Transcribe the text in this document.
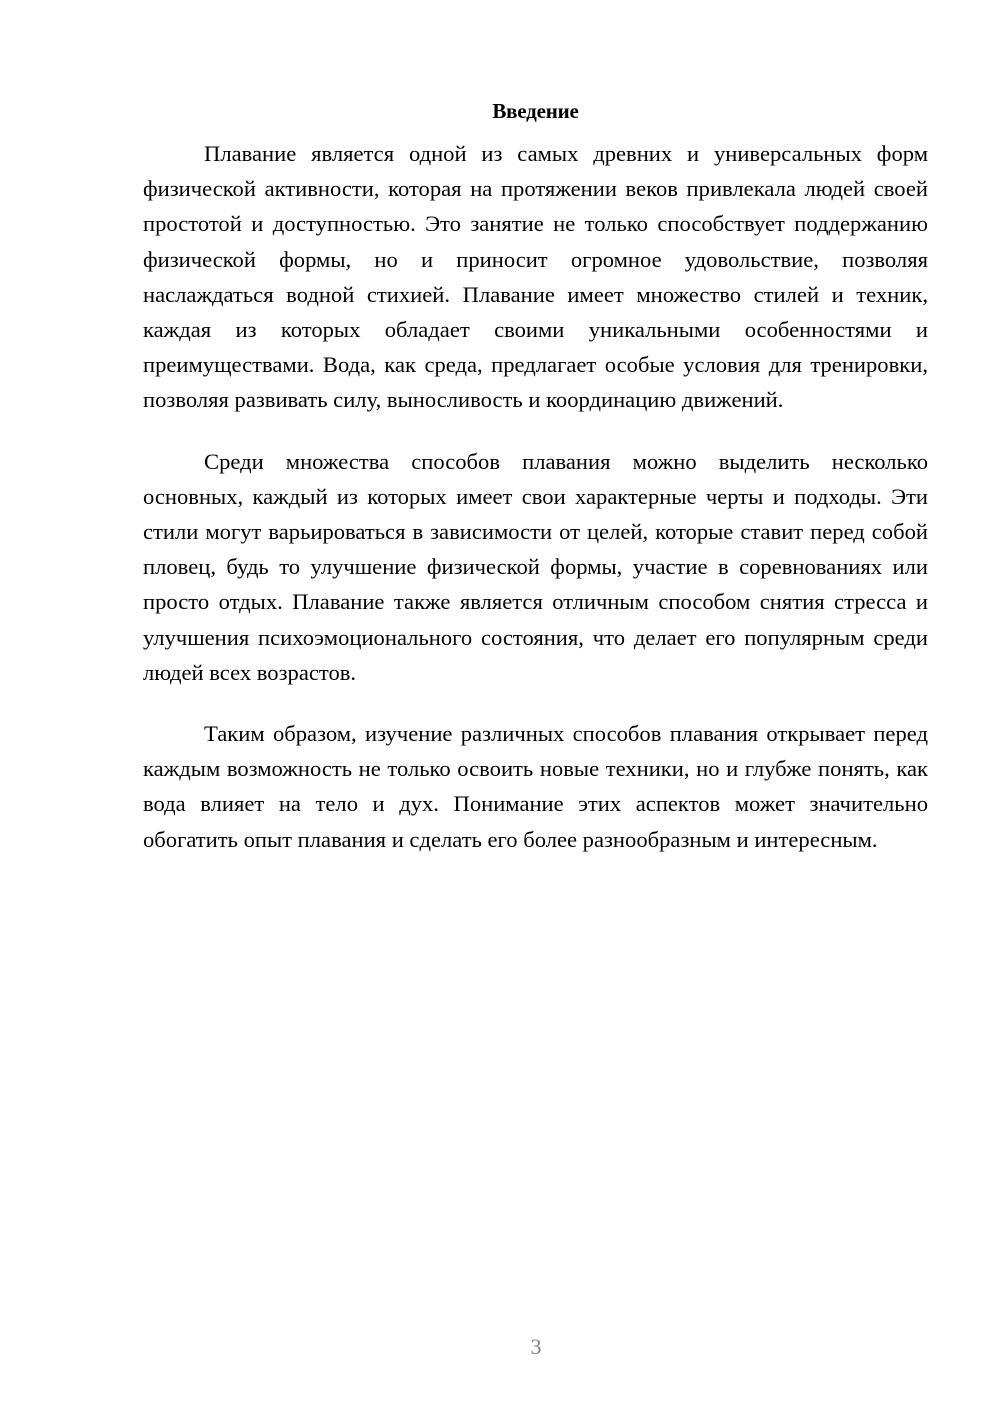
Введение

Плавание является одной из самых древних и универсальных форм физической активности, которая на протяжении веков привлекала людей своей простотой и доступностью. Это занятие не только способствует поддержанию физической формы, но и приносит огромное удовольствие, позволяя наслаждаться водной стихией. Плавание имеет множество стилей и техник, каждая из которых обладает своими уникальными особенностями и преимуществами. Вода, как среда, предлагает особые условия для тренировки, позволяя развивать силу, выносливость и координацию движений.

Среди множества способов плавания можно выделить несколько основных, каждый из которых имеет свои характерные черты и подходы. Эти стили могут варьироваться в зависимости от целей, которые ставит перед собой пловец, будь то улучшение физической формы, участие в соревнованиях или просто отдых. Плавание также является отличным способом снятия стресса и улучшения психоэмоционального состояния, что делает его популярным среди людей всех возрастов.

Таким образом, изучение различных способов плавания открывает перед каждым возможность не только освоить новые техники, но и глубже понять, как вода влияет на тело и дух. Понимание этих аспектов может значительно обогатить опыт плавания и сделать его более разнообразным и интересным.

3
